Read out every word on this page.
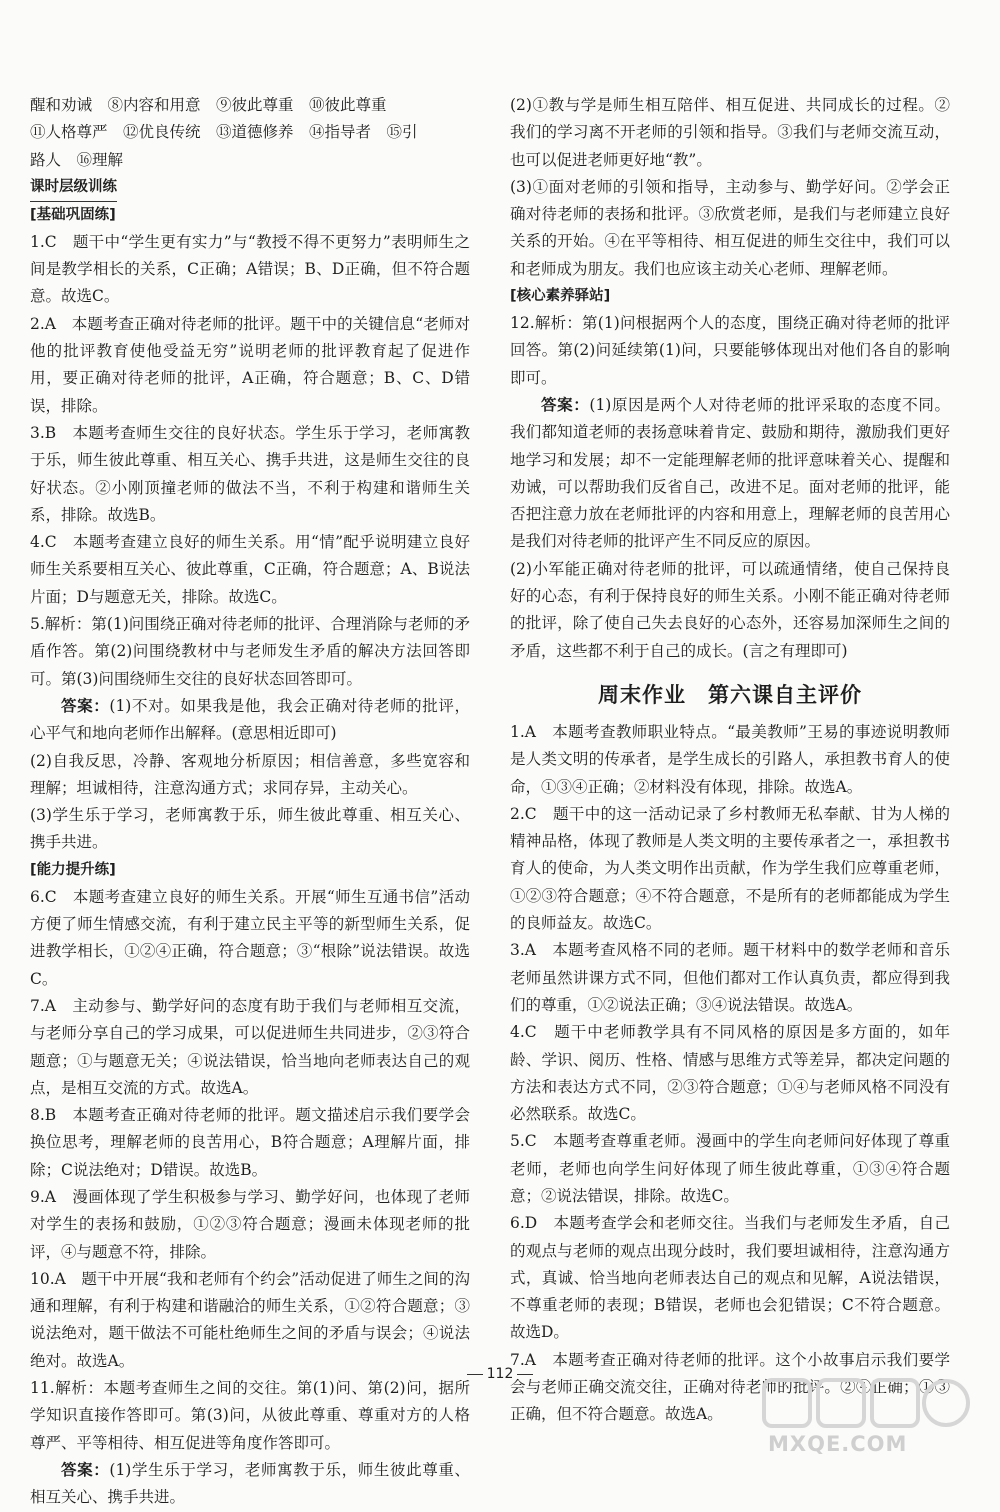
醒和劝诫　⑧内容和用意　⑨彼此尊重　⑩彼此尊重

⑪人格尊严　⑫优良传统　⑬道德修养　⑭指导者　⑮引

路人　⑯理解

课时层级训练

[基础巩固练]

1.C　题干中“学生更有实力”与“教授不得不更努力”表明师生之间是教学相长的关系，C正确；A错误；B、D正确，但不符合题意。故选C。

2.A　本题考查正确对待老师的批评。题干中的关键信息“老师对他的批评教育使他受益无穷”说明老师的批评教育起了促进作用，要正确对待老师的批评，A正确，符合题意；B、C、D错误，排除。

3.B　本题考查师生交往的良好状态。学生乐于学习，老师寓教于乐，师生彼此尊重、相互关心、携手共进，这是师生交往的良好状态。②小刚顶撞老师的做法不当，不利于构建和谐师生关系，排除。故选B。

4.C　本题考查建立良好的师生关系。用“情”配乎说明建立良好师生关系要相互关心、彼此尊重，C正确，符合题意；A、B说法片面；D与题意无关，排除。故选C。

5.解析：第(1)问围绕正确对待老师的批评、合理消除与老师的矛盾作答。第(2)问围绕教材中与老师发生矛盾的解决方法回答即可。第(3)问围绕师生交往的良好状态回答即可。

答案：(1)不对。如果我是他，我会正确对待老师的批评，心平气和地向老师作出解释。(意思相近即可)

(2)自我反思，冷静、客观地分析原因；相信善意，多些宽容和理解；坦诚相待，注意沟通方式；求同存异，主动关心。

(3)学生乐于学习，老师寓教于乐，师生彼此尊重、相互关心、携手共进。

[能力提升练]

6.C　本题考查建立良好的师生关系。开展“师生互通书信”活动方便了师生情感交流，有利于建立民主平等的新型师生关系，促进教学相长，①②④正确，符合题意；③“根除”说法错误。故选C。

7.A　主动参与、勤学好问的态度有助于我们与老师相互交流，与老师分享自己的学习成果，可以促进师生共同进步，②③符合题意；①与题意无关；④说法错误，恰当地向老师表达自己的观点，是相互交流的方式。故选A。

8.B　本题考查正确对待老师的批评。题文描述启示我们要学会换位思考，理解老师的良苦用心，B符合题意；A理解片面，排除；C说法绝对；D错误。故选B。

9.A　漫画体现了学生积极参与学习、勤学好问，也体现了老师对学生的表扬和鼓励，①②③符合题意；漫画未体现老师的批评，④与题意不符，排除。

10.A　题干中开展“我和老师有个约会”活动促进了师生之间的沟通和理解，有利于构建和谐融洽的师生关系，①②符合题意；③说法绝对，题干做法不可能杜绝师生之间的矛盾与误会；④说法绝对。故选A。

11.解析：本题考查师生之间的交往。第(1)问、第(2)问，据所学知识直接作答即可。第(3)问，从彼此尊重、尊重对方的人格尊严、平等相待、相互促进等角度作答即可。

答案：(1)学生乐于学习，老师寓教于乐，师生彼此尊重、相互关心、携手共进。

(2)①教与学是师生相互陪伴、相互促进、共同成长的过程。②我们的学习离不开老师的引领和指导。③我们与老师交流互动，也可以促进老师更好地“教”。

(3)①面对老师的引领和指导，主动参与、勤学好问。②学会正确对待老师的表扬和批评。③欣赏老师，是我们与老师建立良好关系的开始。④在平等相待、相互促进的师生交往中，我们可以和老师成为朋友。我们也应该主动关心老师、理解老师。

[核心素养驿站]

12.解析：第(1)问根据两个人的态度，围绕正确对待老师的批评回答。第(2)问延续第(1)问，只要能够体现出对他们各自的影响即可。

答案：(1)原因是两个人对待老师的批评采取的态度不同。我们都知道老师的表扬意味着肯定、鼓励和期待，激励我们更好地学习和发展；却不一定能理解老师的批评意味着关心、提醒和劝诫，可以帮助我们反省自己，改进不足。面对老师的批评，能否把注意力放在老师批评的内容和用意上，理解老师的良苦用心是我们对待老师的批评产生不同反应的原因。

(2)小军能正确对待老师的批评，可以疏通情绪，使自己保持良好的心态，有利于保持良好的师生关系。小刚不能正确对待老师的批评，除了使自己失去良好的心态外，还容易加深师生之间的矛盾，这些都不利于自己的成长。(言之有理即可)

周末作业　第六课自主评价

1.A　本题考查教师职业特点。“最美教师”王易的事迹说明教师是人类文明的传承者，是学生成长的引路人，承担教书育人的使命，①③④正确；②材料没有体现，排除。故选A。

2.C　题干中的这一活动记录了乡村教师无私奉献、甘为人梯的精神品格，体现了教师是人类文明的主要传承者之一，承担教书育人的使命，为人类文明作出贡献，作为学生我们应尊重老师，①②③符合题意；④不符合题意，不是所有的老师都能成为学生的良师益友。故选C。

3.A　本题考查风格不同的老师。题干材料中的数学老师和音乐老师虽然讲课方式不同，但他们都对工作认真负责，都应得到我们的尊重，①②说法正确；③④说法错误。故选A。

4.C　题干中老师教学具有不同风格的原因是多方面的，如年龄、学识、阅历、性格、情感与思维方式等差异，都决定问题的方法和表达方式不同，②③符合题意；①④与老师风格不同没有必然联系。故选C。

5.C　本题考查尊重老师。漫画中的学生向老师问好体现了尊重老师，老师也向学生问好体现了师生彼此尊重，①③④符合题意；②说法错误，排除。故选C。

6.D　本题考查学会和老师交往。当我们与老师发生矛盾，自己的观点与老师的观点出现分歧时，我们要坦诚相待，注意沟通方式，真诚、恰当地向老师表达自己的观点和见解，A说法错误，不尊重老师的表现；B错误，老师也会犯错误；C不符合题意。故选D。

7.A　本题考查正确对待老师的批评。这个小故事启示我们要学会与老师正确交流交往，正确对待老师的批评。②④正确；①③正确，但不符合题意。故选A。

112
MXQE.COM
